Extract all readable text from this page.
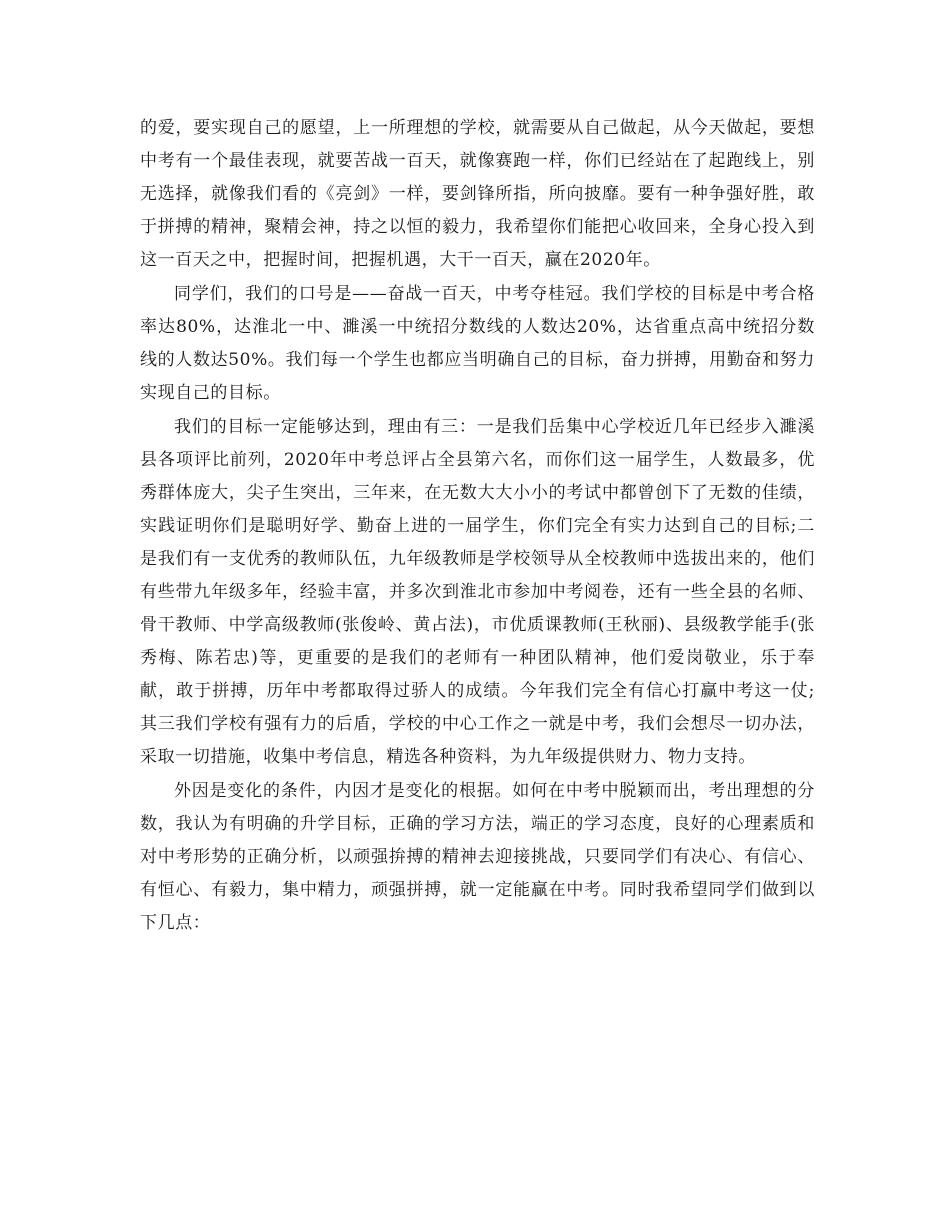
的爱，要实现自己的愿望，上一所理想的学校，就需要从自己做起，从今天做起，要想中考有一个最佳表现，就要苦战一百天，就像赛跑一样，你们已经站在了起跑线上，别无选择，就像我们看的《亮剑》一样，要剑锋所指，所向披靡。要有一种争强好胜，敢于拼搏的精神，聚精会神，持之以恒的毅力，我希望你们能把心收回来，全身心投入到这一百天之中，把握时间，把握机遇，大干一百天，赢在2020年。

同学们，我们的口号是——奋战一百天，中考夺桂冠。我们学校的目标是中考合格率达80%，达淮北一中、濉溪一中统招分数线的人数达20%，达省重点高中统招分数线的人数达50%。我们每一个学生也都应当明确自己的目标，奋力拼搏，用勤奋和努力实现自己的目标。

我们的目标一定能够达到，理由有三：一是我们岳集中心学校近几年已经步入濉溪县各项评比前列，2020年中考总评占全县第六名，而你们这一届学生，人数最多，优秀群体庞大，尖子生突出，三年来，在无数大大小小的考试中都曾创下了无数的佳绩，实践证明你们是聪明好学、勤奋上进的一届学生，你们完全有实力达到自己的目标;二是我们有一支优秀的教师队伍，九年级教师是学校领导从全校教师中选拔出来的，他们有些带九年级多年，经验丰富，并多次到淮北市参加中考阅卷，还有一些全县的名师、骨干教师、中学高级教师(张俊岭、黄占法)，市优质课教师(王秋丽)、县级教学能手(张秀梅、陈若忠)等，更重要的是我们的老师有一种团队精神，他们爱岗敬业，乐于奉献，敢于拼搏，历年中考都取得过骄人的成绩。今年我们完全有信心打赢中考这一仗;其三我们学校有强有力的后盾，学校的中心工作之一就是中考，我们会想尽一切办法，采取一切措施，收集中考信息，精选各种资料，为九年级提供财力、物力支持。

外因是变化的条件，内因才是变化的根据。如何在中考中脱颖而出，考出理想的分数，我认为有明确的升学目标，正确的学习方法，端正的学习态度，良好的心理素质和对中考形势的正确分析，以顽强拚搏的精神去迎接挑战，只要同学们有决心、有信心、有恒心、有毅力，集中精力，顽强拼搏，就一定能赢在中考。同时我希望同学们做到以下几点：
